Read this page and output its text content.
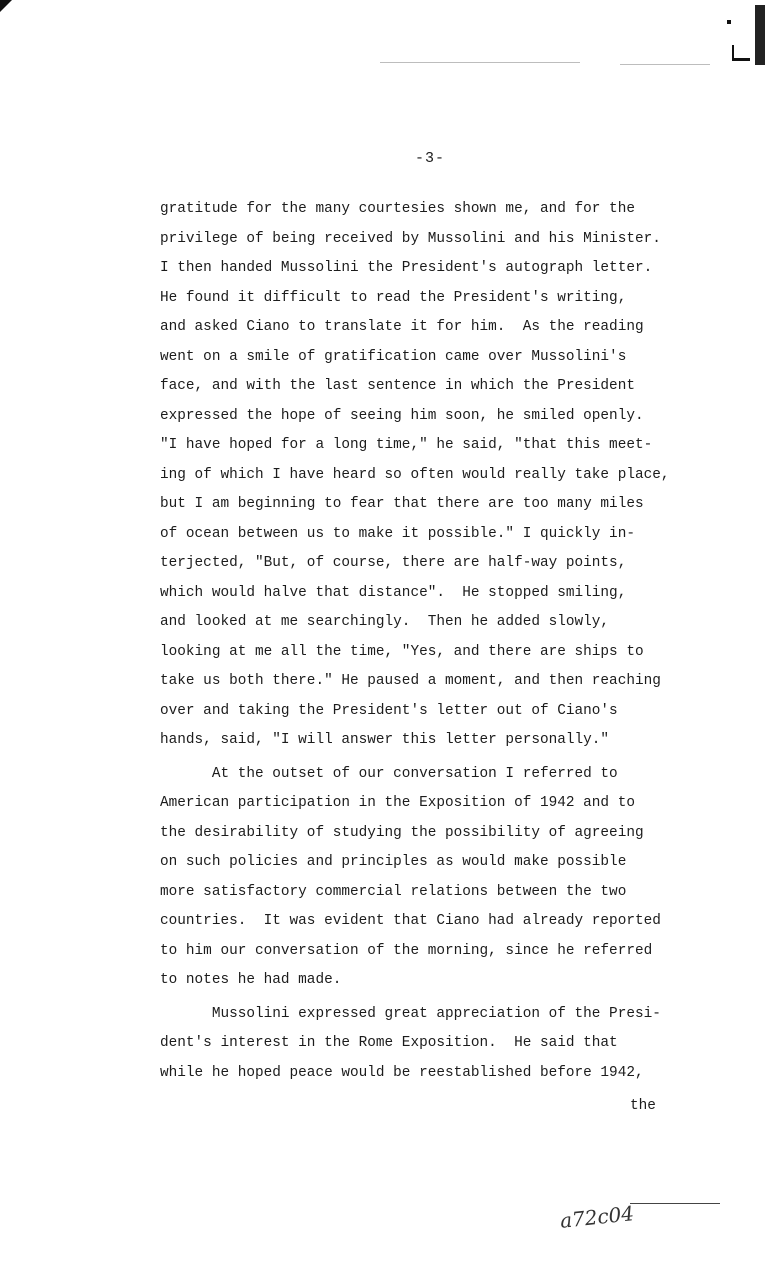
-3-
gratitude for the many courtesies shown me, and for the
privilege of being received by Mussolini and his Minister.
I then handed Mussolini the President's autograph letter.
He found it difficult to read the President's writing,
and asked Ciano to translate it for him.  As the reading
went on a smile of gratification came over Mussolini's
face, and with the last sentence in which the President
expressed the hope of seeing him soon, he smiled openly.
"I have hoped for a long time," he said, "that this meet-
ing of which I have heard so often would really take place,
but I am beginning to fear that there are too many miles
of ocean between us to make it possible." I quickly in-
terjected, "But, of course, there are half-way points,
which would halve that distance".  He stopped smiling,
and looked at me searchingly.  Then he added slowly,
looking at me all the time, "Yes, and there are ships to
take us both there." He paused a moment, and then reaching
over and taking the President's letter out of Ciano's
hands, said, "I will answer this letter personally."
At the outset of our conversation I referred to
American participation in the Exposition of 1942 and to
the desirability of studying the possibility of agreeing
on such policies and principles as would make possible
more satisfactory commercial relations between the two
countries.  It was evident that Ciano had already reported
to him our conversation of the morning, since he referred
to notes he had made.
Mussolini expressed great appreciation of the Presi-
dent's interest in the Rome Exposition.  He said that
while he hoped peace would be reestablished before 1942,
the
a72c04
